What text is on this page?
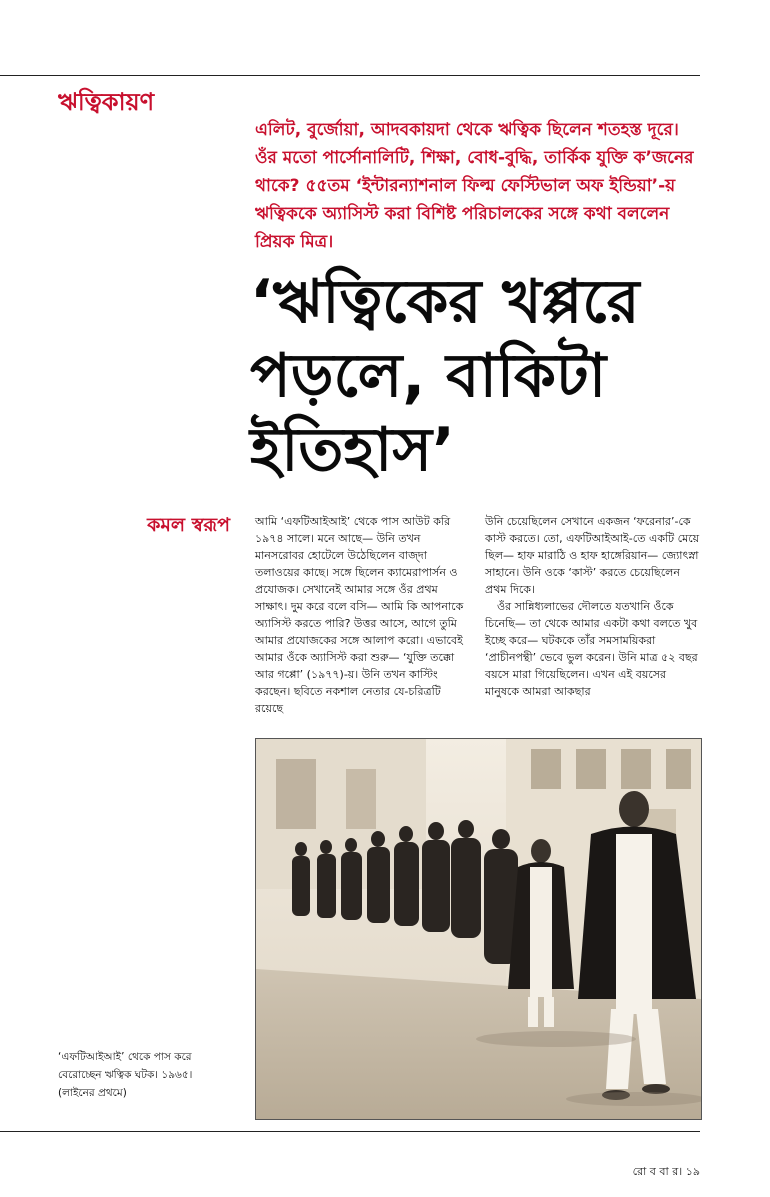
ঋত্বিকায়ণ
এলিট, বুর্জোয়া, আদবকায়দা থেকে ঋত্বিক ছিলেন শতহস্ত দূরে। ওঁর মতো পার্সোনালিটি, শিক্ষা, বোধ-বুদ্ধি, তার্কিক যুক্তি ক’জনের থাকে? ৫৫তম ‘ইন্টারন্যাশনাল ফিল্ম ফেস্টিভাল অফ ইন্ডিয়া’-য় ঋত্বিককে অ্যাসিস্ট করা বিশিষ্ট পরিচালকের সঙ্গে কথা বললেন প্রিয়ক মিত্র।
‘ঋত্বিকের খপ্পরে পড়লে, বাকিটা ইতিহাস’
কমল স্বরূপ আমি ‘এফটিআইআই’ থেকে পাস আউট করি ১৯৭৪ সালে। মনে আছে— উনি তখন মানসরোবর হোটেলে উঠেছিলেন বাজ্দা তলাওয়ের কাছে। সঙ্গে ছিলেন ক্যামেরাপার্সন ও প্রযোজক। সেখানেই আমার সঙ্গে ওঁর প্রথম সাক্ষাৎ। দুম করে বলে বসি— আমি কি আপনাকে অ্যাসিস্ট করতে পারি? উত্তর আসে, আগে তুমি আমার প্রযোজকের সঙ্গে আলাপ করো। এভাবেই আমার ওঁকে অ্যাসিস্ট করা শুরু— ‘যুক্তি তক্কো আর গপ্পো’ (১৯৭৭)-য়। উনি তখন কাস্টিং করছেন। ছবিতে নকশাল নেতার যে-চরিত্রটি রয়েছে

উনি চেয়েছিলেন সেখানে একজন ‘ফরেনার’-কে কাস্ট করতে। তো, এফটিআইআই-তে একটি মেয়ে ছিল— হাফ মারাঠি ও হাফ হাঙ্গেরিয়ান— জ্যোৎস্না সাহানে। উনি ওকে ‘কাস্ট’ করতে চেয়েছিলেন প্রথম দিকে।

ওঁর সান্নিধ্যলাভের দৌলতে যতখানি ওঁকে চিনেছি— তা থেকে আমার একটা কথা বলতে খুব ইচ্ছে করে— ঘটককে তাঁর সমসাময়িকরা ‘প্রাচীনপন্থী’ ভেবে ভুল করেন। উনি মাত্র ৫২ বছর বয়সে মারা গিয়েছিলেন। এখন এই বয়সের মানুষকে আমরা আকছার

‘এফটিআইআই’ থেকে পাস করে

বেরোচ্ছেন ঋত্বিক ঘটক। ১৯৬৫।

(লাইনের প্রথমে)

রো ব বা র। ১৯
